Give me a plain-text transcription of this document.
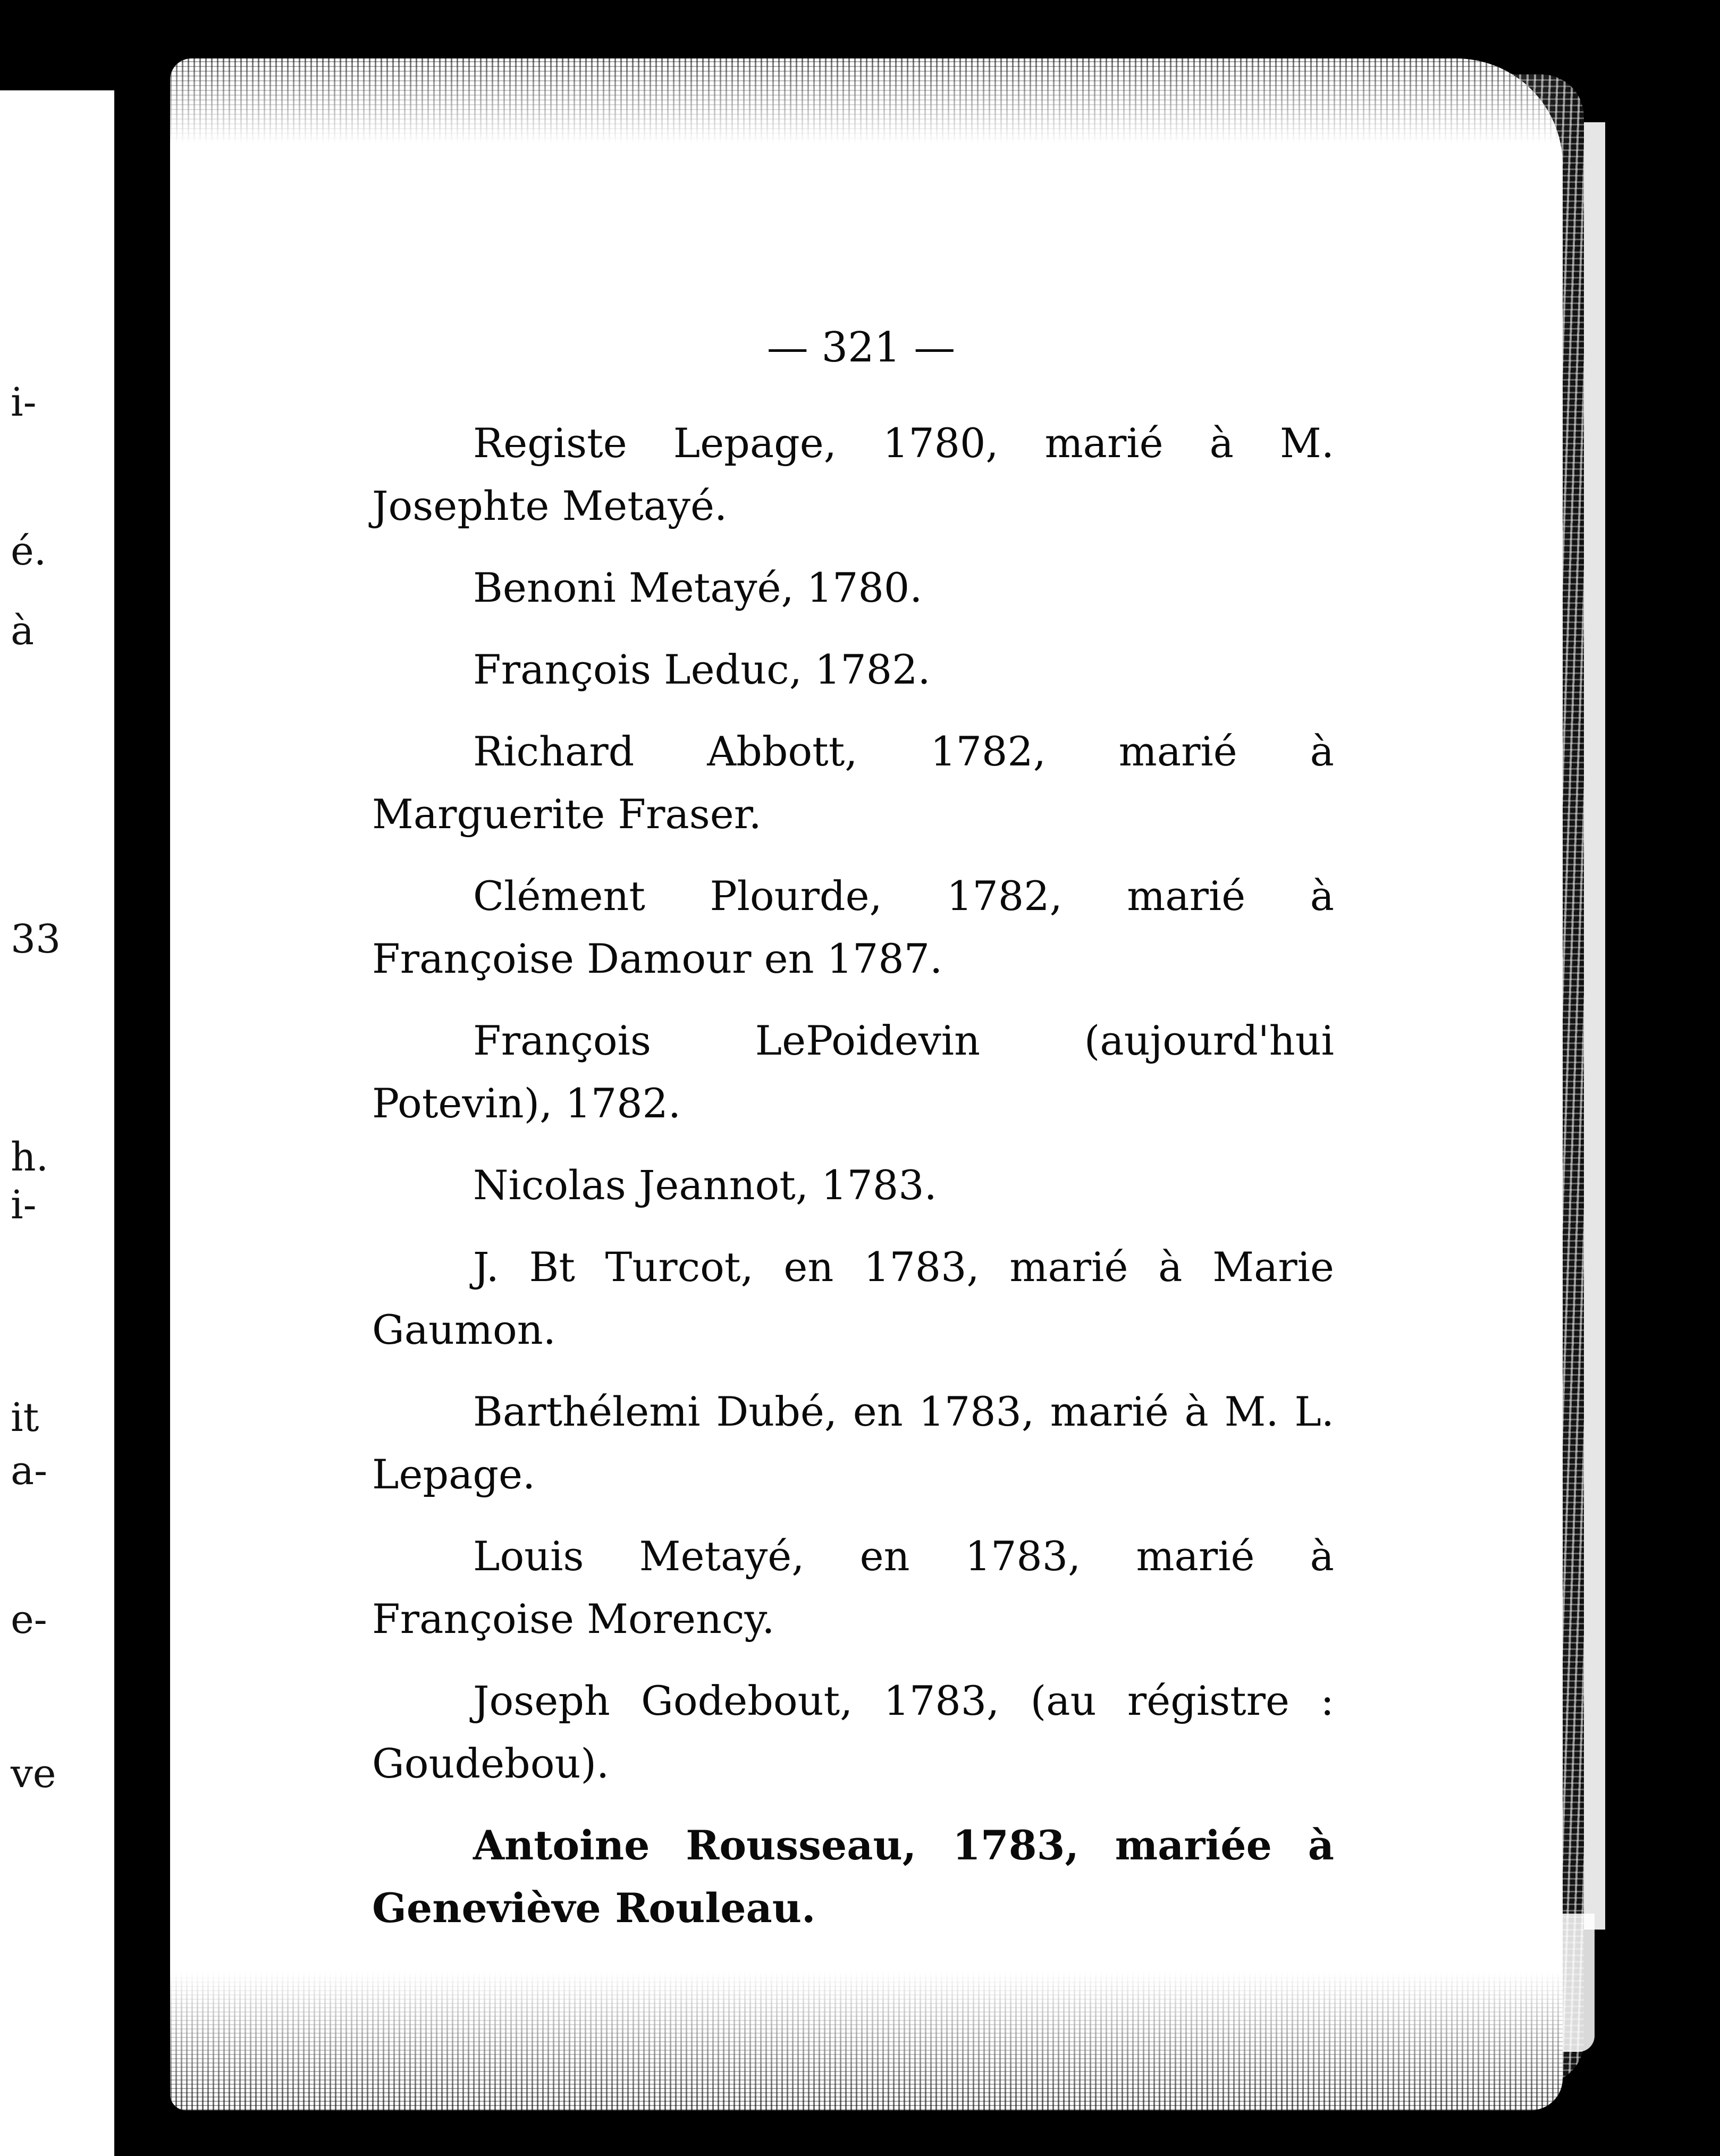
i-
é.
à
33
h.
i-
it
a-
e-
ve
— 321 —

Registe Lepage, 1780, marié à M. Josephte Metayé.

Benoni Metayé, 1780.

François Leduc, 1782.

Richard Abbott, 1782, marié à Marguerite Fraser.

Clément Plourde, 1782, marié à Françoise Damour en 1787.

François LePoidevin (aujourd'hui Potevin), 1782.

Nicolas Jeannot, 1783.

J. Bt Turcot, en 1783, marié à Marie Gaumon.

Barthélemi Dubé, en 1783, marié à M. L. Lepage.

Louis Metayé, en 1783, marié à Françoise Morency.

Joseph Godebout, 1783, (au régistre : Goudebou).

Antoine Rousseau, 1783, mariée à Geneviève Rouleau.
